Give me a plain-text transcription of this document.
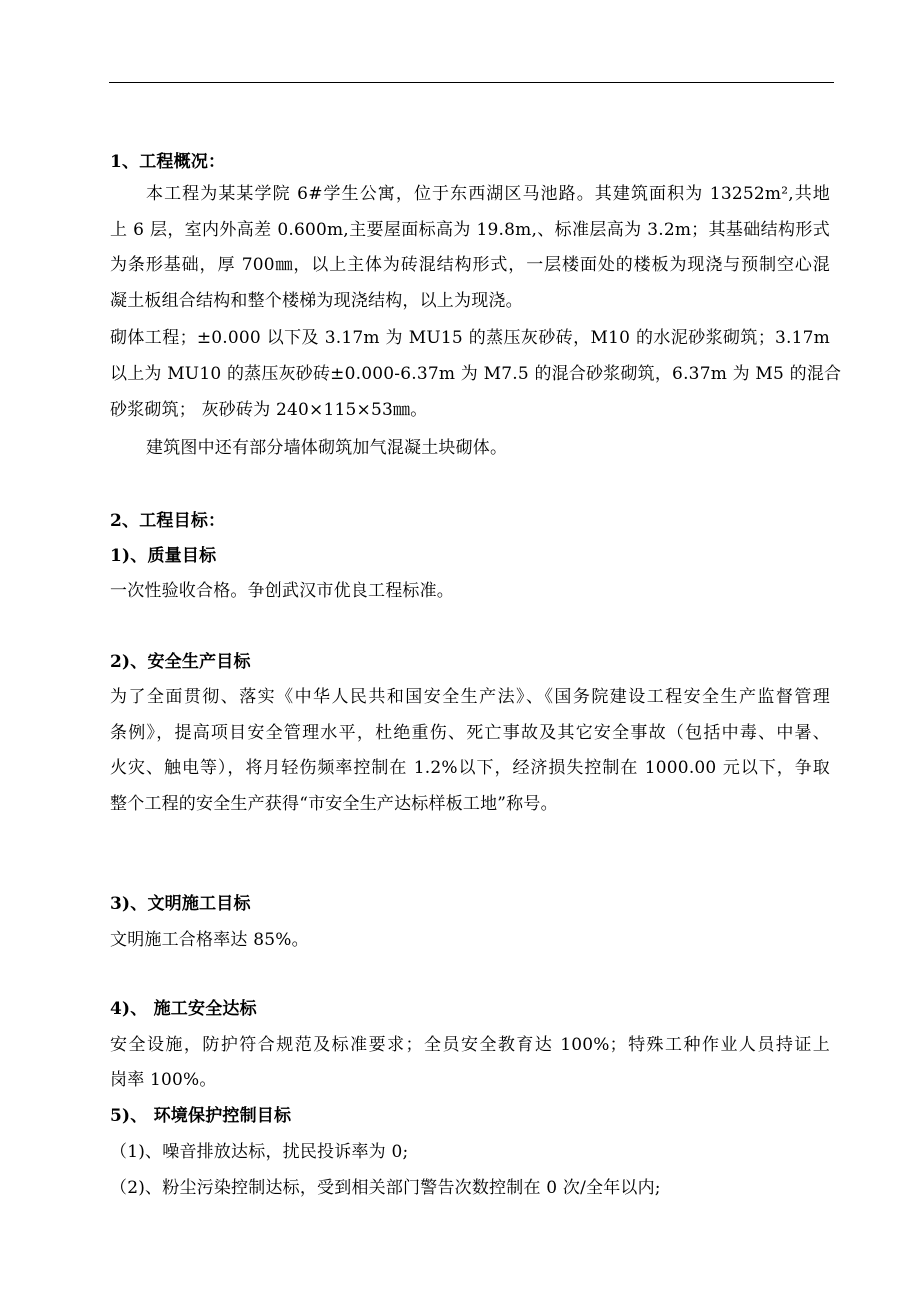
1、工程概况：
本工程为某某学院 6#学生公寓，位于东西湖区马池路。其建筑面积为 13252m²,共地
上 6 层，室内外高差 0.600m,主要屋面标高为 19.8m,、标准层高为 3.2m；其基础结构形式
为条形基础，厚 700㎜，以上主体为砖混结构形式，一层楼面处的楼板为现浇与预制空心混
凝土板组合结构和整个楼梯为现浇结构，以上为现浇。
砌体工程；±0.000 以下及 3.17m 为 MU15 的蒸压灰砂砖，M10 的水泥砂浆砌筑；3.17m
以上为 MU10 的蒸压灰砂砖±0.000-6.37m 为 M7.5 的混合砂浆砌筑，6.37m 为 M5 的混合
砂浆砌筑； 灰砂砖为 240×115×53㎜。
建筑图中还有部分墙体砌筑加气混凝土块砌体。
2、工程目标：
1)、质量目标
一次性验收合格。争创武汉市优良工程标准。
2)、安全生产目标
为了全面贯彻、落实《中华人民共和国安全生产法》、《国务院建设工程安全生产监督管理
条例》，提高项目安全管理水平，杜绝重伤、死亡事故及其它安全事故（包括中毒、中暑、
火灾、触电等），将月轻伤频率控制在 1.2%以下，经济损失控制在 1000.00 元以下，争取
整个工程的安全生产获得“市安全生产达标样板工地”称号。
3)、文明施工目标
文明施工合格率达 85%。
4)、 施工安全达标
安全设施，防护符合规范及标准要求；全员安全教育达 100%；特殊工种作业人员持证上
岗率 100%。
5)、 环境保护控制目标
（1)、噪音排放达标，扰民投诉率为 0;
（2)、粉尘污染控制达标，受到相关部门警告次数控制在 0 次/全年以内;
